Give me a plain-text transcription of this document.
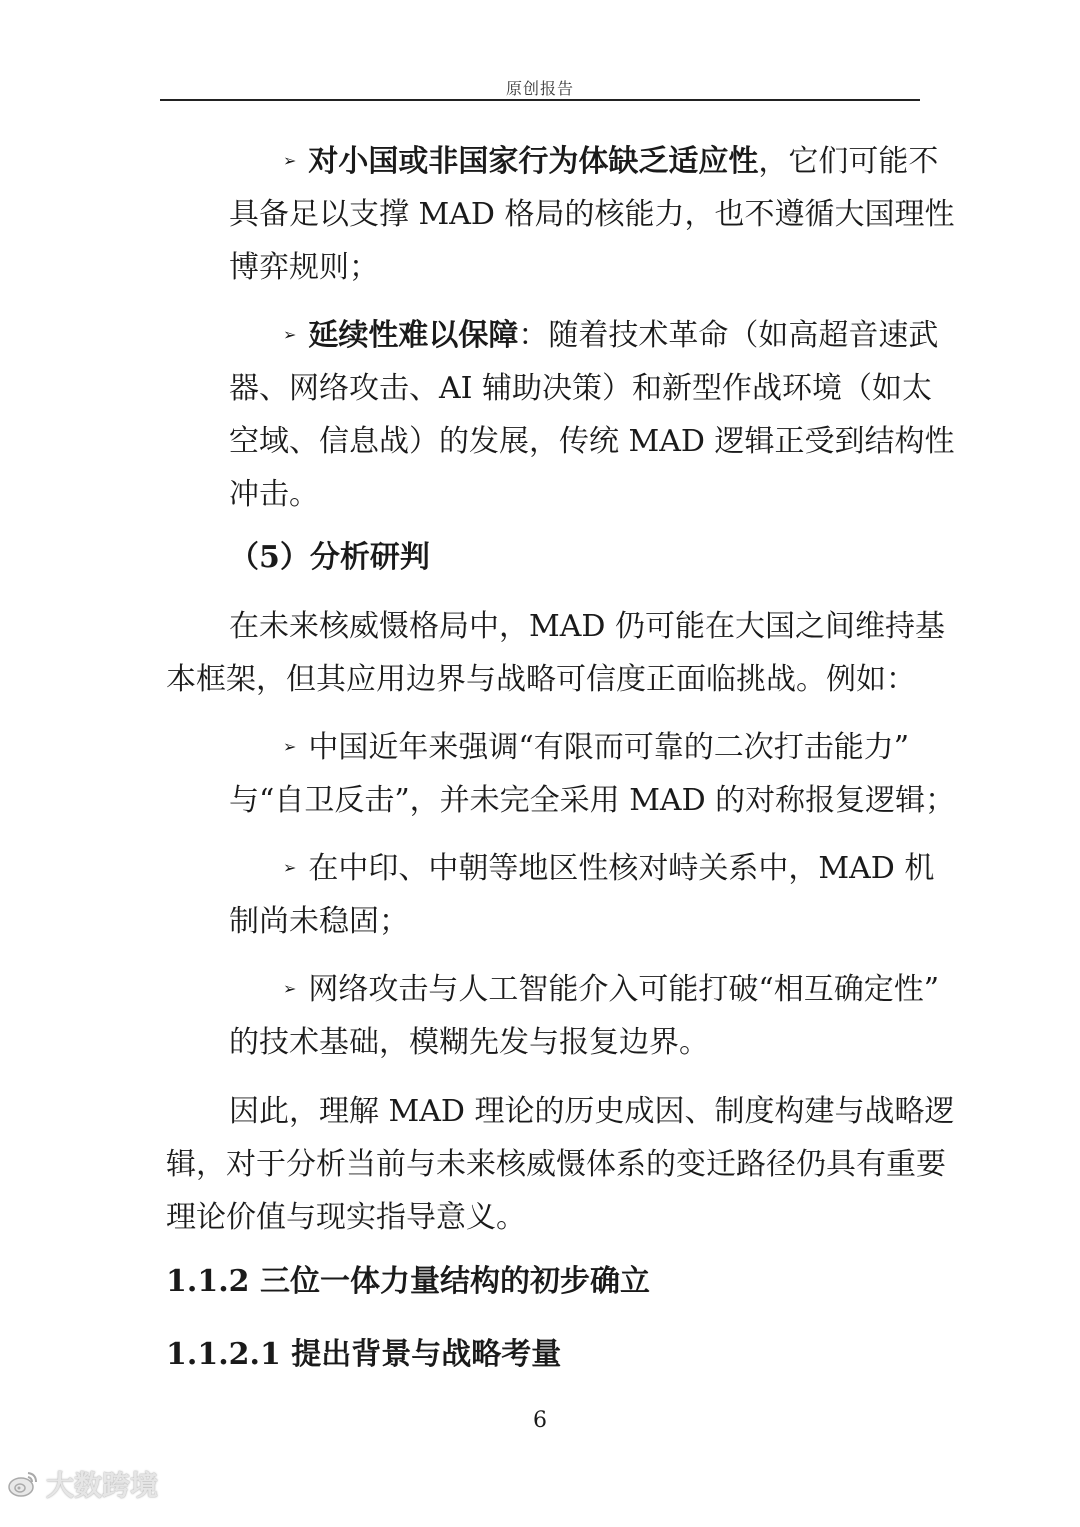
原创报告
➢ 对小国或非国家行为体缺乏适应性，它们可能不
具备足以支撑 MAD 格局的核能力，也不遵循大国理性
博弈规则；
➢ 延续性难以保障：随着技术革命（如高超音速武
器、网络攻击、AI 辅助决策）和新型作战环境（如太
空域、信息战）的发展，传统 MAD 逻辑正受到结构性
冲击。
（5）分析研判
在未来核威慑格局中，MAD 仍可能在大国之间维持基
本框架，但其应用边界与战略可信度正面临挑战。例如：
➢ 中国近年来强调“有限而可靠的二次打击能力”
与“自卫反击”，并未完全采用 MAD 的对称报复逻辑；
➢ 在中印、中朝等地区性核对峙关系中，MAD 机
制尚未稳固；
➢ 网络攻击与人工智能介入可能打破“相互确定性”
的技术基础，模糊先发与报复边界。
因此，理解 MAD 理论的历史成因、制度构建与战略逻
辑，对于分析当前与未来核威慑体系的变迁路径仍具有重要
理论价值与现实指导意义。
1.1.2 三位一体力量结构的初步确立
1.1.2.1 提出背景与战略考量
6
大数跨境
